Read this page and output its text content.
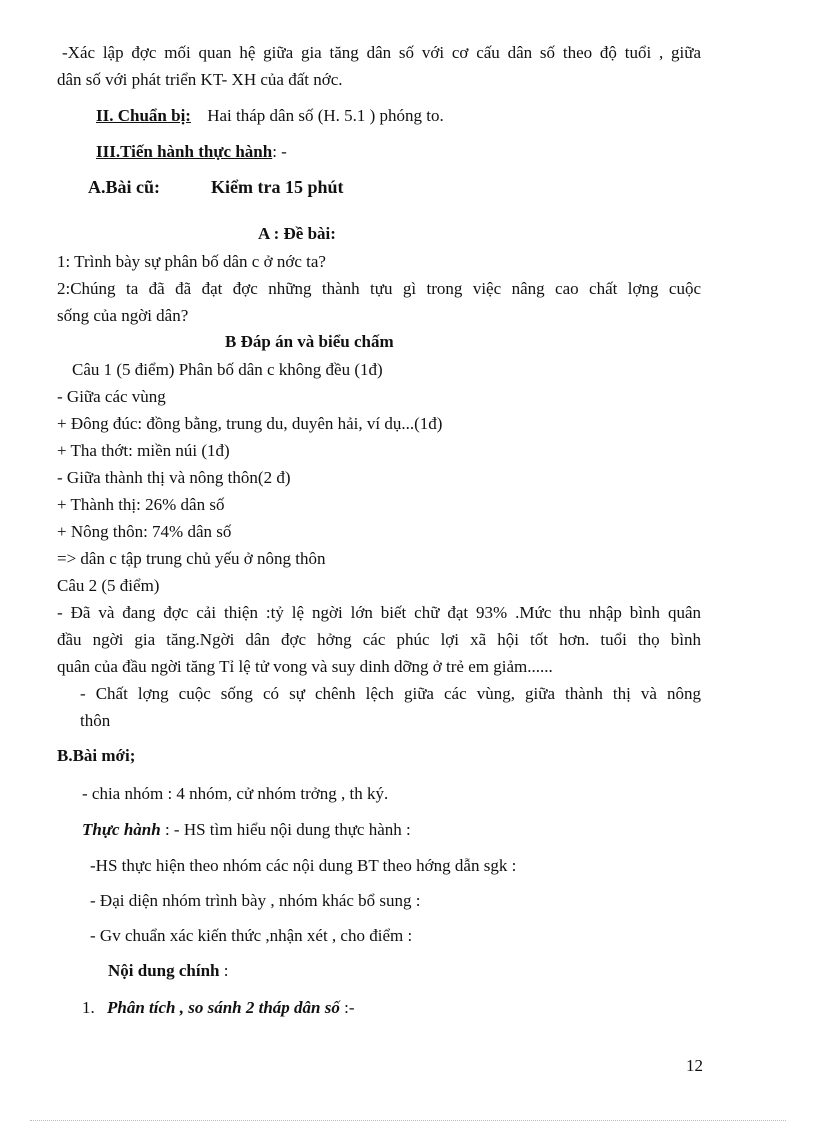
-Xác lập đợc mối quan hệ giữa gia tăng dân số với cơ cấu dân số theo độ tuổi , giữa
dân số với phát triển KT- XH của đất nớc.
II. Chuẩn bị: Hai tháp dân số (H. 5.1 ) phóng to.
III.Tiến hành thực hành: -
A.Bài cũ:	Kiểm tra 15 phút
A : Đề bài:
1: Trình bày sự phân bố dân c ở nớc ta?
2:Chúng ta đã đã đạt đợc những thành tựu gì trong việc nâng cao chất lợng cuộc
sống của ngời dân?
B Đáp án và biểu chấm
Câu 1 (5 điểm) Phân bố dân c không đều (1đ)
- Giữa các vùng
+ Đông đúc: đồng bằng, trung du, duyên hải, ví dụ...(1đ)
+ Tha thớt: miền núi (1đ)
- Giữa thành thị và nông thôn(2 đ)
+ Thành thị: 26% dân số
+ Nông thôn: 74% dân số
=> dân c tập trung chủ yếu ở nông thôn
Câu 2 (5 điểm)
- Đã và đang đợc cải thiện :tỷ lệ ngời lớn biết chữ đạt 93% .Mức thu nhập bình quân
đầu ngời gia tăng.Ngời dân đợc hởng các phúc lợi xã hội tốt hơn. tuổi thọ bình
quân của đầu ngời tăng Tỉ lệ tử vong và suy dinh dỡng ở trẻ em giảm......
- Chất lợng cuộc sống có sự chênh lệch giữa các vùng, giữa thành thị và nông
thôn
B.Bài mới;
- chia nhóm : 4 nhóm, cử nhóm trởng , th ký.
Thực hành : - HS tìm hiểu nội dung thực hành :
-HS thực hiện theo nhóm các nội dung BT theo hớng dẫn sgk :
- Đại diện nhóm trình bày , nhóm khác bổ sung :
- Gv chuẩn xác kiến thức ,nhận xét , cho điểm :
Nội dung chính :
1. Phân tích , so sánh 2 tháp dân số :-
12
